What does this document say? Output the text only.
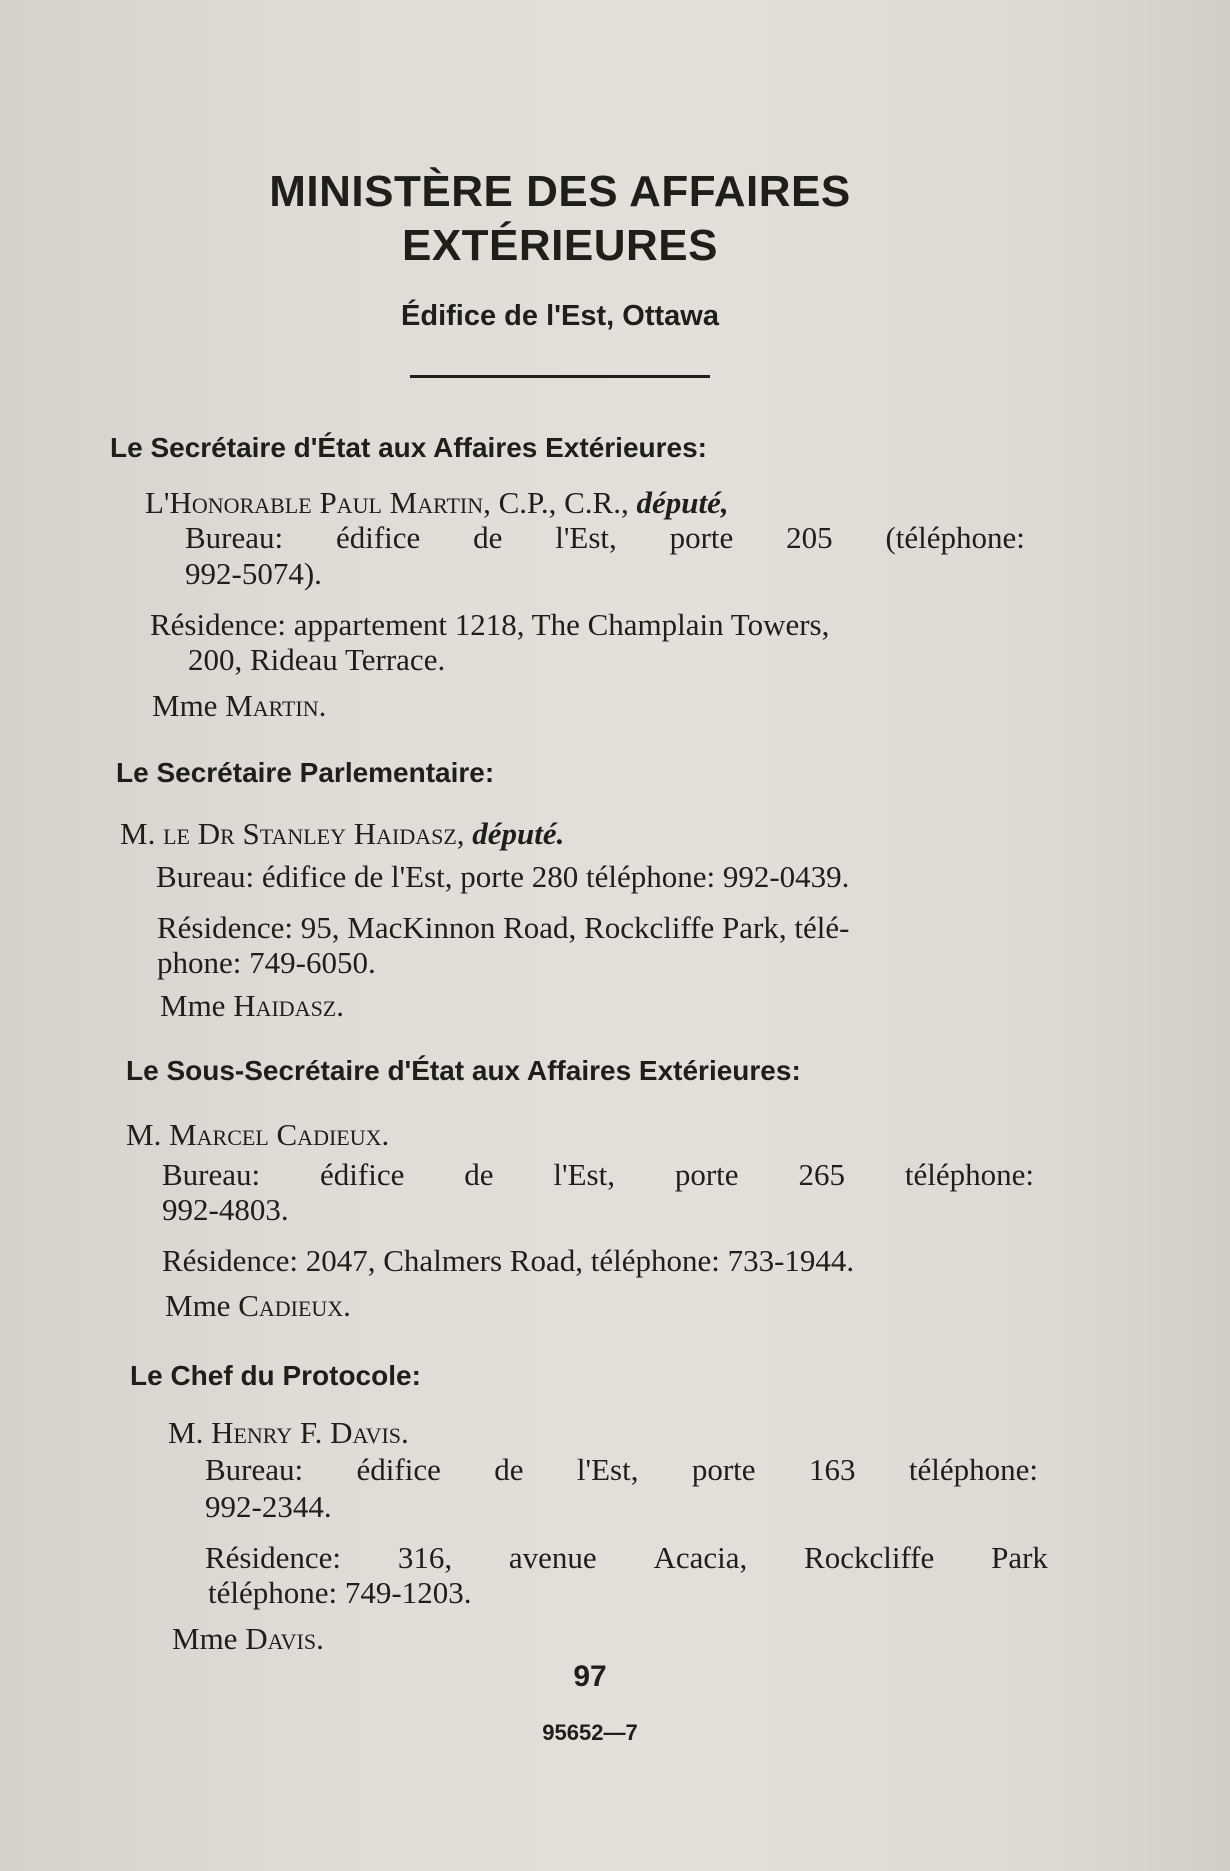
MINISTÈRE DES AFFAIRES
EXTÉRIEURES
Édifice de l'Est, Ottawa
Le Secrétaire d'État aux Affaires Extérieures:
L'Honorable Paul Martin, C.P., C.R., député,
Bureau: édifice de l'Est, porte 205 (téléphone:
992-5074).
Résidence: appartement 1218, The Champlain Towers,
200, Rideau Terrace.
Mme Martin.
Le Secrétaire Parlementaire:
M. le Dr Stanley Haidasz, député.
Bureau: édifice de l'Est, porte 280 téléphone: 992-0439.
Résidence: 95, MacKinnon Road, Rockcliffe Park, télé-
phone: 749-6050.
Mme Haidasz.
Le Sous-Secrétaire d'État aux Affaires Extérieures:
M. Marcel Cadieux.
Bureau: édifice de l'Est, porte 265 téléphone:
992-4803.
Résidence: 2047, Chalmers Road, téléphone: 733-1944.
Mme Cadieux.
Le Chef du Protocole:
M. Henry F. Davis.
Bureau: édifice de l'Est, porte 163 téléphone:
992-2344.
Résidence: 316, avenue Acacia, Rockcliffe Park
téléphone: 749-1203.
Mme Davis.
97
95652—7
